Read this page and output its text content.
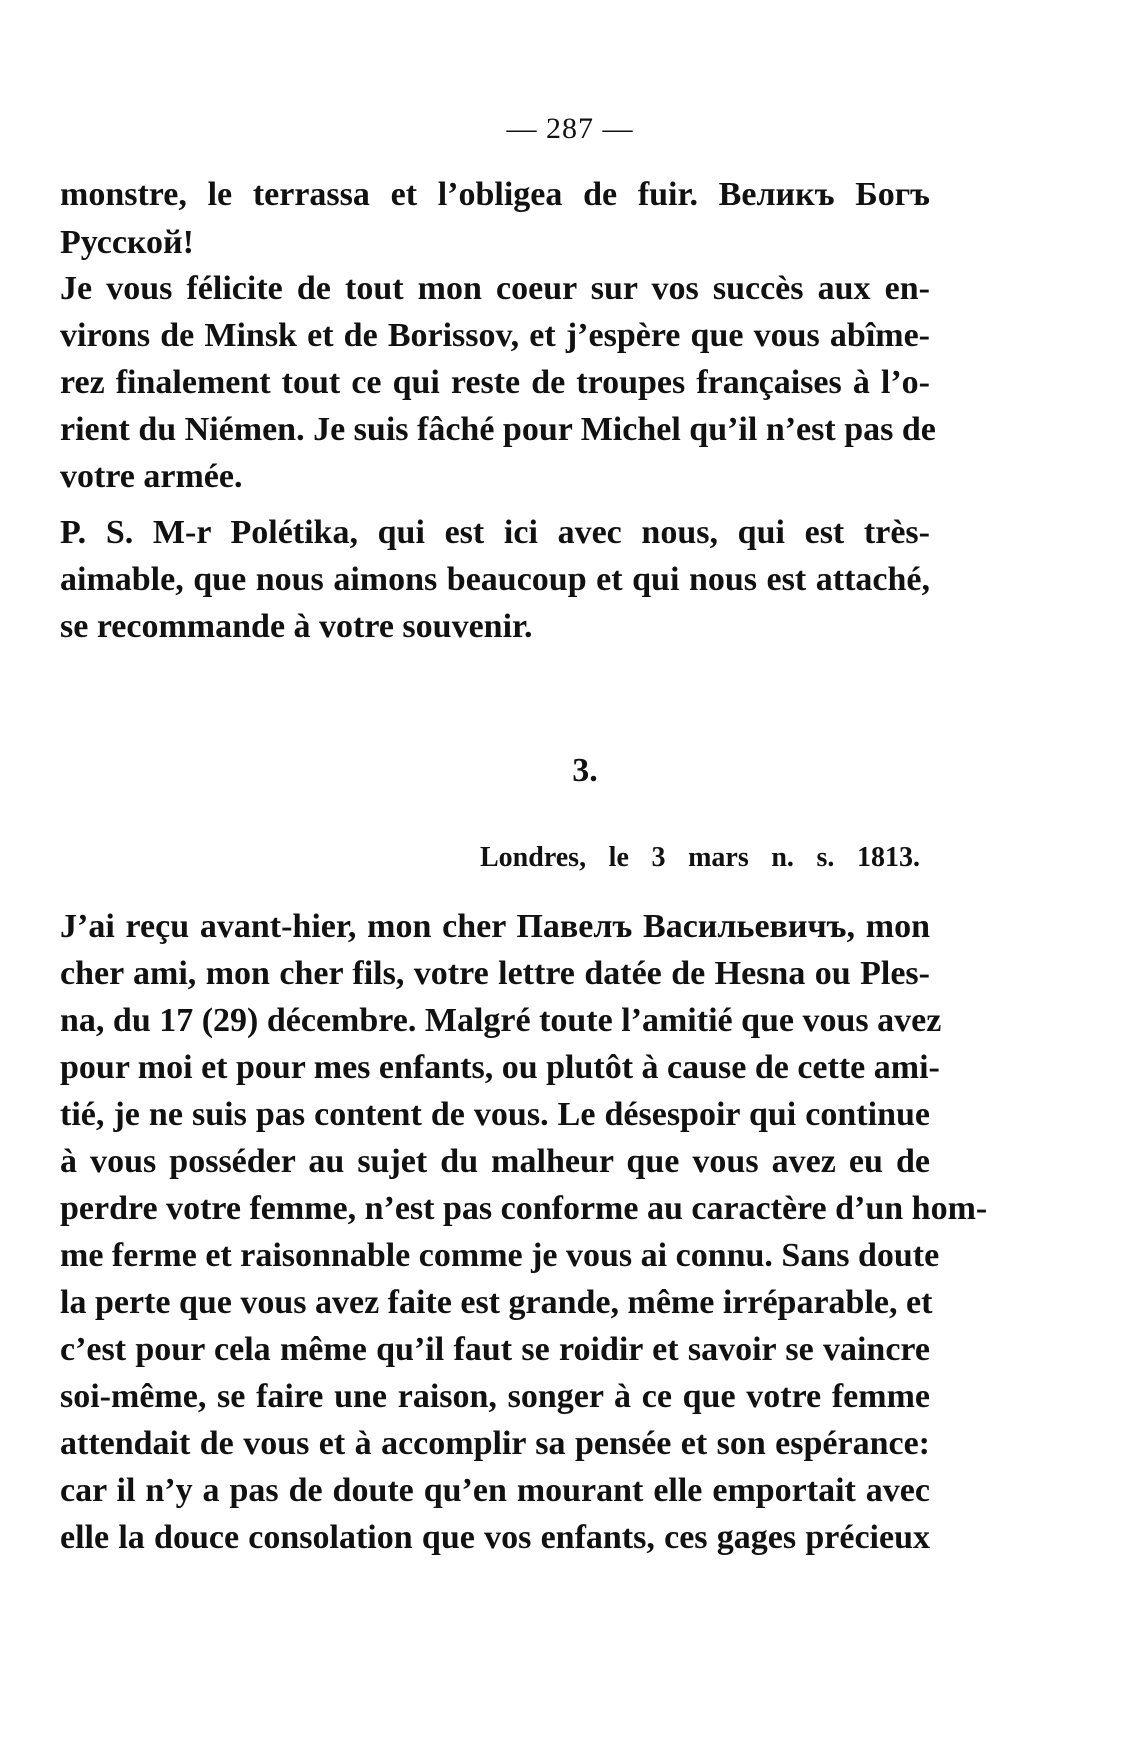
— 287 —
monstre, le terrassa et l’obligea de fuir. Великъ Богъ
Русской!
Je vous félicite de tout mon coeur sur vos succès aux en-
virons de Minsk et de Borissov, et j’espère que vous abîme-
rez finalement tout ce qui reste de troupes françaises à l’o-
rient du Niémen. Je suis fâché pour Michel qu’il n’est pas de
votre armée.
P. S. M-r Polétika, qui est ici avec nous, qui est très-
aimable, que nous aimons beaucoup et qui nous est attaché,
se recommande à votre souvenir.
3.
Londres, le 3 mars n. s. 1813.
J’ai reçu avant-hier, mon cher Павелъ Васильевичъ, mon
cher ami, mon cher fils, votre lettre datée de Hesna ou Ples-
na, du 17 (29) décembre. Malgré toute l’amitié que vous avez
pour moi et pour mes enfants, ou plutôt à cause de cette ami-
tié, je ne suis pas content de vous. Le désespoir qui continue
à vous posséder au sujet du malheur que vous avez eu de
perdre votre femme, n’est pas conforme au caractère d’un hom-
me ferme et raisonnable comme je vous ai connu. Sans doute
la perte que vous avez faite est grande, même irréparable, et
c’est pour cela même qu’il faut se roidir et savoir se vaincre
soi-même, se faire une raison, songer à ce que votre femme
attendait de vous et à accomplir sa pensée et son espérance:
car il n’y a pas de doute qu’en mourant elle emportait avec
elle la douce consolation que vos enfants, ces gages précieux
